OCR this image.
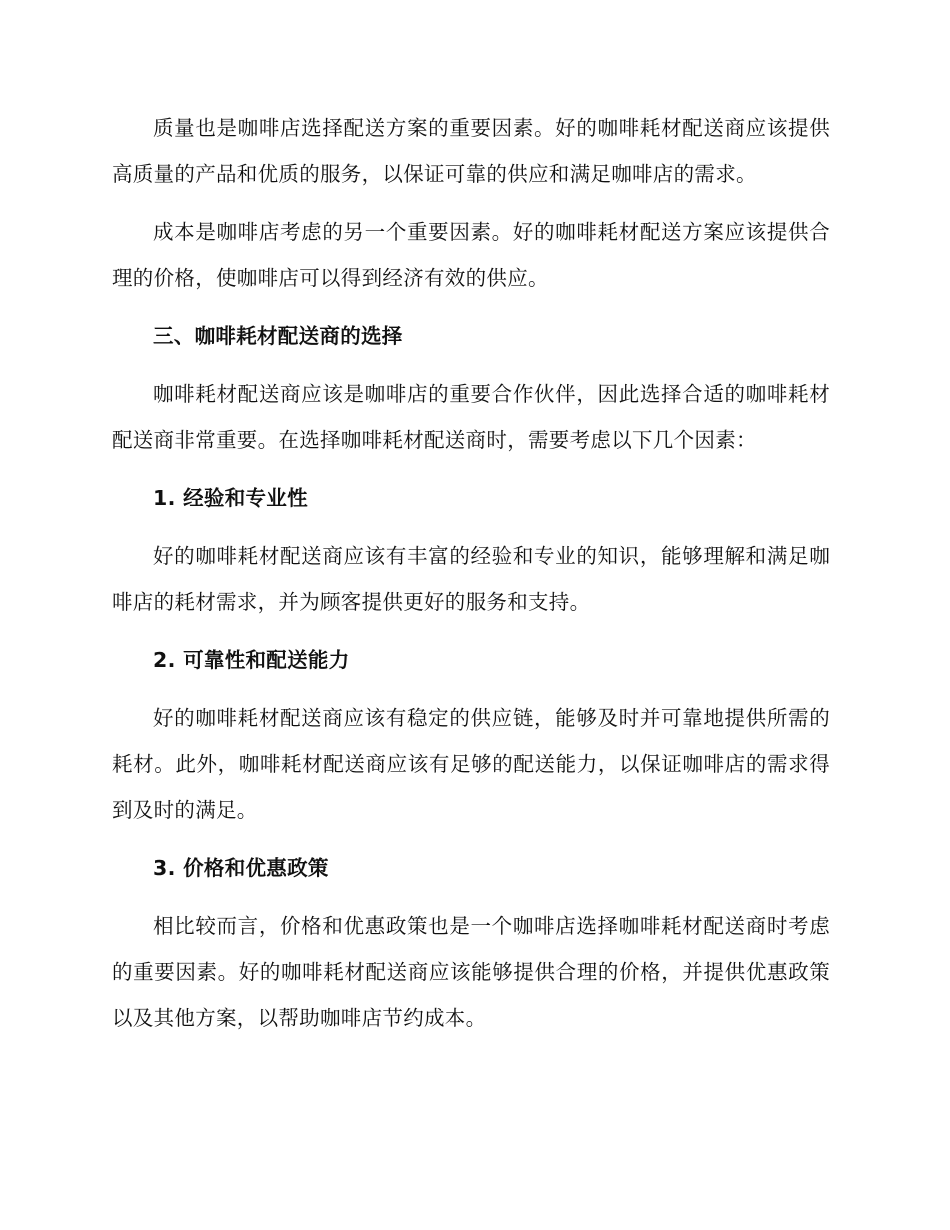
质量也是咖啡店选择配送方案的重要因素。好的咖啡耗材配送商应该提供高质量的产品和优质的服务，以保证可靠的供应和满足咖啡店的需求。

成本是咖啡店考虑的另一个重要因素。好的咖啡耗材配送方案应该提供合理的价格，使咖啡店可以得到经济有效的供应。

三、咖啡耗材配送商的选择

咖啡耗材配送商应该是咖啡店的重要合作伙伴，因此选择合适的咖啡耗材配送商非常重要。在选择咖啡耗材配送商时，需要考虑以下几个因素：

1. 经验和专业性

好的咖啡耗材配送商应该有丰富的经验和专业的知识，能够理解和满足咖啡店的耗材需求，并为顾客提供更好的服务和支持。

2. 可靠性和配送能力

好的咖啡耗材配送商应该有稳定的供应链，能够及时并可靠地提供所需的耗材。此外，咖啡耗材配送商应该有足够的配送能力，以保证咖啡店的需求得到及时的满足。

3. 价格和优惠政策

相比较而言，价格和优惠政策也是一个咖啡店选择咖啡耗材配送商时考虑的重要因素。好的咖啡耗材配送商应该能够提供合理的价格，并提供优惠政策以及其他方案，以帮助咖啡店节约成本。
